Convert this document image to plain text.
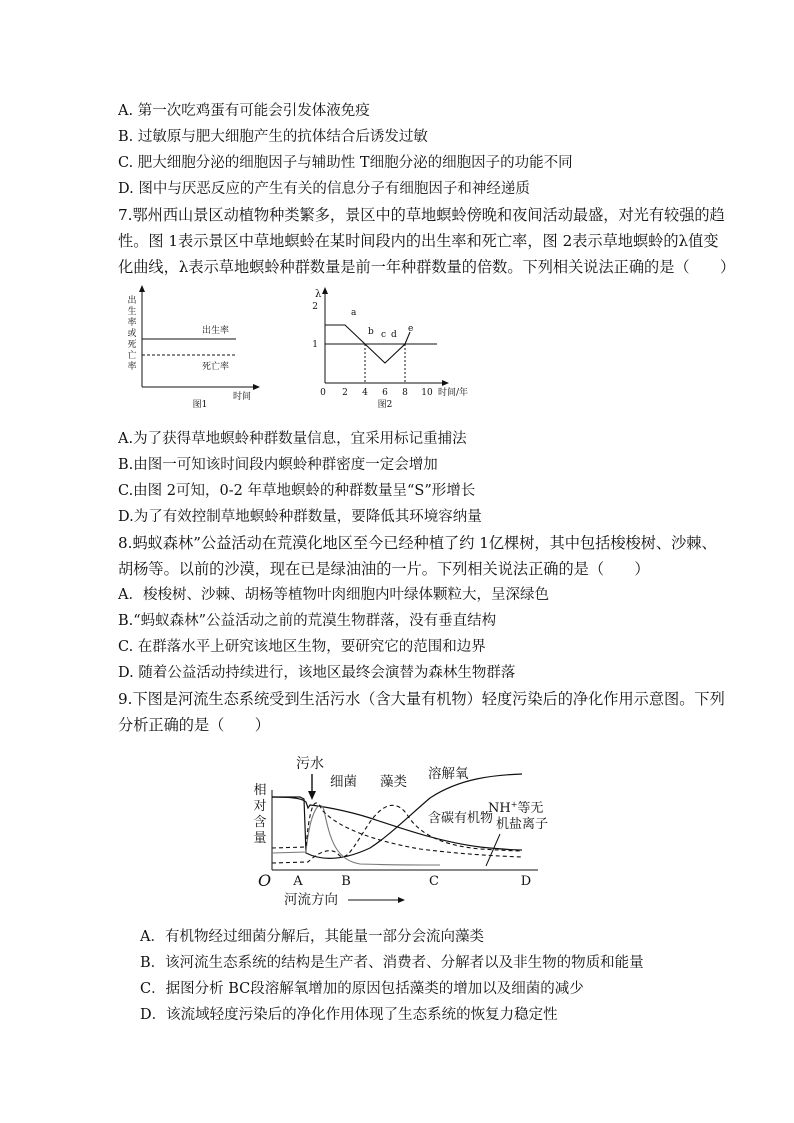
A. 第一次吃鸡蛋有可能会引发体液免疫
B. 过敏原与肥大细胞产生的抗体结合后诱发过敏
C. 肥大细胞分泌的细胞因子与辅助性 T细胞分泌的细胞因子的功能不同
D. 图中与厌恶反应的产生有关的信息分子有细胞因子和神经递质
7.鄂州西山景区动植物种类繁多，景区中的草地螟蛉傍晚和夜间活动最盛，对光有较强的趋
性。图 1表示景区中草地螟蛉在某时间段内的出生率和死亡率，图 2表示草地螟蛉的λ值变
化曲线，λ表示草地螟蛉种群数量是前一年种群数量的倍数。下列相关说法正确的是（　　）
出
生
率
或
死
亡
率
出生率
死亡率
时间
图1
λ
2
1
a
b c d
e
0 2 4 6 8 10 时间/年
图2
A.为了获得草地螟蛉种群数量信息，宜采用标记重捕法
B.由图一可知该时间段内螟蛉种群密度一定会增加
C.由图 2可知，0-2 年草地螟蛉的种群数量呈“S”形增长
D.为了有效控制草地螟蛉种群数量，要降低其环境容纳量
8.蚂蚁森林”公益活动在荒漠化地区至今已经种植了约 1亿棵树，其中包括梭梭树、沙棘、
胡杨等。以前的沙漠，现在已是绿油油的一片。下列相关说法正确的是（　　）
A．梭梭树、沙棘、胡杨等植物叶肉细胞内叶绿体颗粒大，呈深绿色
B.“蚂蚁森林”公益活动之前的荒漠生物群落，没有垂直结构
C. 在群落水平上研究该地区生物，要研究它的范围和边界
D. 随着公益活动持续进行，该地区最终会演替为森林生物群落
9.下图是河流生态系统受到生活污水（含大量有机物）轻度污染后的净化作用示意图。下列
分析正确的是（　　）
污水
细菌 藻类 溶解氧
含碳有机物
NH+等无
机盐离子
相
对
含
量
O A	B	C	D
河流方向
A．有机物经过细菌分解后，其能量一部分会流向藻类
B．该河流生态系统的结构是生产者、消费者、分解者以及非生物的物质和能量
C．据图分析 BC段溶解氧增加的原因包括藻类的增加以及细菌的减少
D．该流域轻度污染后的净化作用体现了生态系统的恢复力稳定性
